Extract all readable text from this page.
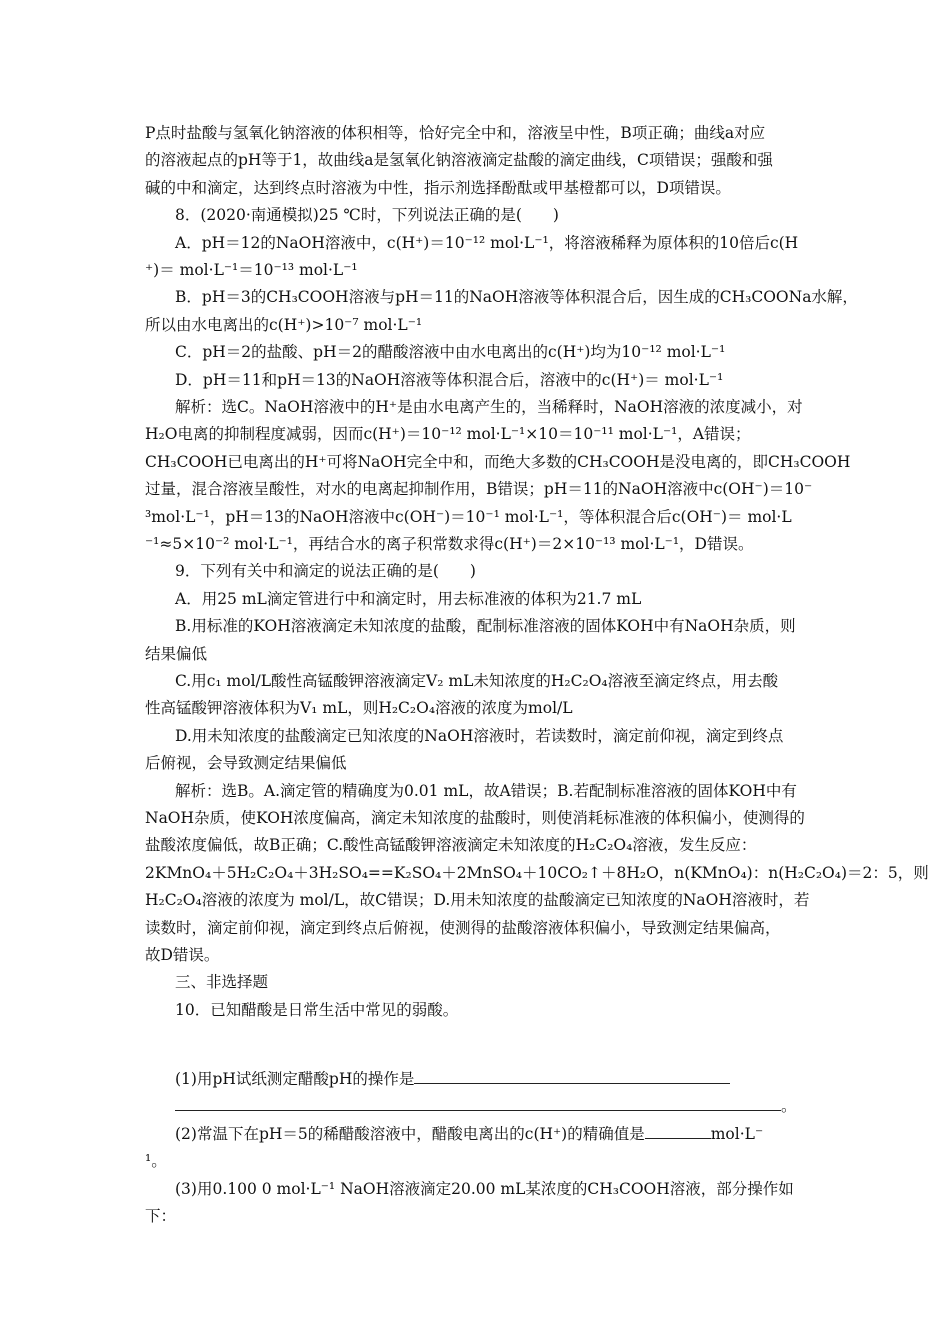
P点时盐酸与氢氧化钠溶液的体积相等，恰好完全中和，溶液呈中性，B项正确；曲线a对应
的溶液起点的pH等于1，故曲线a是氢氧化钠溶液滴定盐酸的滴定曲线，C项错误；强酸和强
碱的中和滴定，达到终点时溶液为中性，指示剂选择酚酞或甲基橙都可以，D项错误。
8．(2020·南通模拟)25 ℃时，下列说法正确的是(　　)
A．pH＝12的NaOH溶液中，c(H⁺)＝10⁻¹² mol·L⁻¹，将溶液稀释为原体积的10倍后c(H
⁺)＝ mol·L⁻¹＝10⁻¹³ mol·L⁻¹
B．pH＝3的CH₃COOH溶液与pH＝11的NaOH溶液等体积混合后，因生成的CH₃COONa水解，
所以由水电离出的c(H⁺)>10⁻⁷ mol·L⁻¹
C．pH＝2的盐酸、pH＝2的醋酸溶液中由水电离出的c(H⁺)均为10⁻¹² mol·L⁻¹
D．pH＝11和pH＝13的NaOH溶液等体积混合后，溶液中的c(H⁺)＝ mol·L⁻¹
解析：选C。NaOH溶液中的H⁺是由水电离产生的，当稀释时，NaOH溶液的浓度减小，对
H₂O电离的抑制程度减弱，因而c(H⁺)＝10⁻¹² mol·L⁻¹×10＝10⁻¹¹ mol·L⁻¹，A错误；
CH₃COOH已电离出的H⁺可将NaOH完全中和，而绝大多数的CH₃COOH是没电离的，即CH₃COOH
过量，混合溶液呈酸性，对水的电离起抑制作用，B错误；pH＝11的NaOH溶液中c(OH⁻)＝10⁻
³mol·L⁻¹，pH＝13的NaOH溶液中c(OH⁻)＝10⁻¹ mol·L⁻¹，等体积混合后c(OH⁻)＝ mol·L
⁻¹≈5×10⁻² mol·L⁻¹，再结合水的离子积常数求得c(H⁺)＝2×10⁻¹³ mol·L⁻¹，D错误。
9．下列有关中和滴定的说法正确的是(　　)
A．用25 mL滴定管进行中和滴定时，用去标准液的体积为21.7 mL
B.用标准的KOH溶液滴定未知浓度的盐酸，配制标准溶液的固体KOH中有NaOH杂质，则
结果偏低
C.用c₁ mol/L酸性高锰酸钾溶液滴定V₂ mL未知浓度的H₂C₂O₄溶液至滴定终点，用去酸
性高锰酸钾溶液体积为V₁ mL，则H₂C₂O₄溶液的浓度为mol/L
D.用未知浓度的盐酸滴定已知浓度的NaOH溶液时，若读数时，滴定前仰视，滴定到终点
后俯视，会导致测定结果偏低
解析：选B。A.滴定管的精确度为0.01 mL，故A错误；B.若配制标准溶液的固体KOH中有
NaOH杂质，使KOH浓度偏高，滴定未知浓度的盐酸时，则使消耗标准液的体积偏小，使测得的
盐酸浓度偏低，故B正确；C.酸性高锰酸钾溶液滴定未知浓度的H₂C₂O₄溶液，发生反应：
2KMnO₄＋5H₂C₂O₄＋3H₂SO₄==K₂SO₄＋2MnSO₄＋10CO₂↑＋8H₂O，n(KMnO₄)：n(H₂C₂O₄)＝2：5，则
H₂C₂O₄溶液的浓度为 mol/L，故C错误；D.用未知浓度的盐酸滴定已知浓度的NaOH溶液时，若
读数时，滴定前仰视，滴定到终点后俯视，使测得的盐酸溶液体积偏小，导致测定结果偏高，
故D错误。
三、非选择题
10．已知醋酸是日常生活中常见的弱酸。
(1)用pH试纸测定醋酸pH的操作是
。
(2)常温下在pH＝5的稀醋酸溶液中，醋酸电离出的c(H⁺)的精确值是	mol·L⁻
¹。
(3)用0.100 0 mol·L⁻¹ NaOH溶液滴定20.00 mL某浓度的CH₃COOH溶液，部分操作如
下：
